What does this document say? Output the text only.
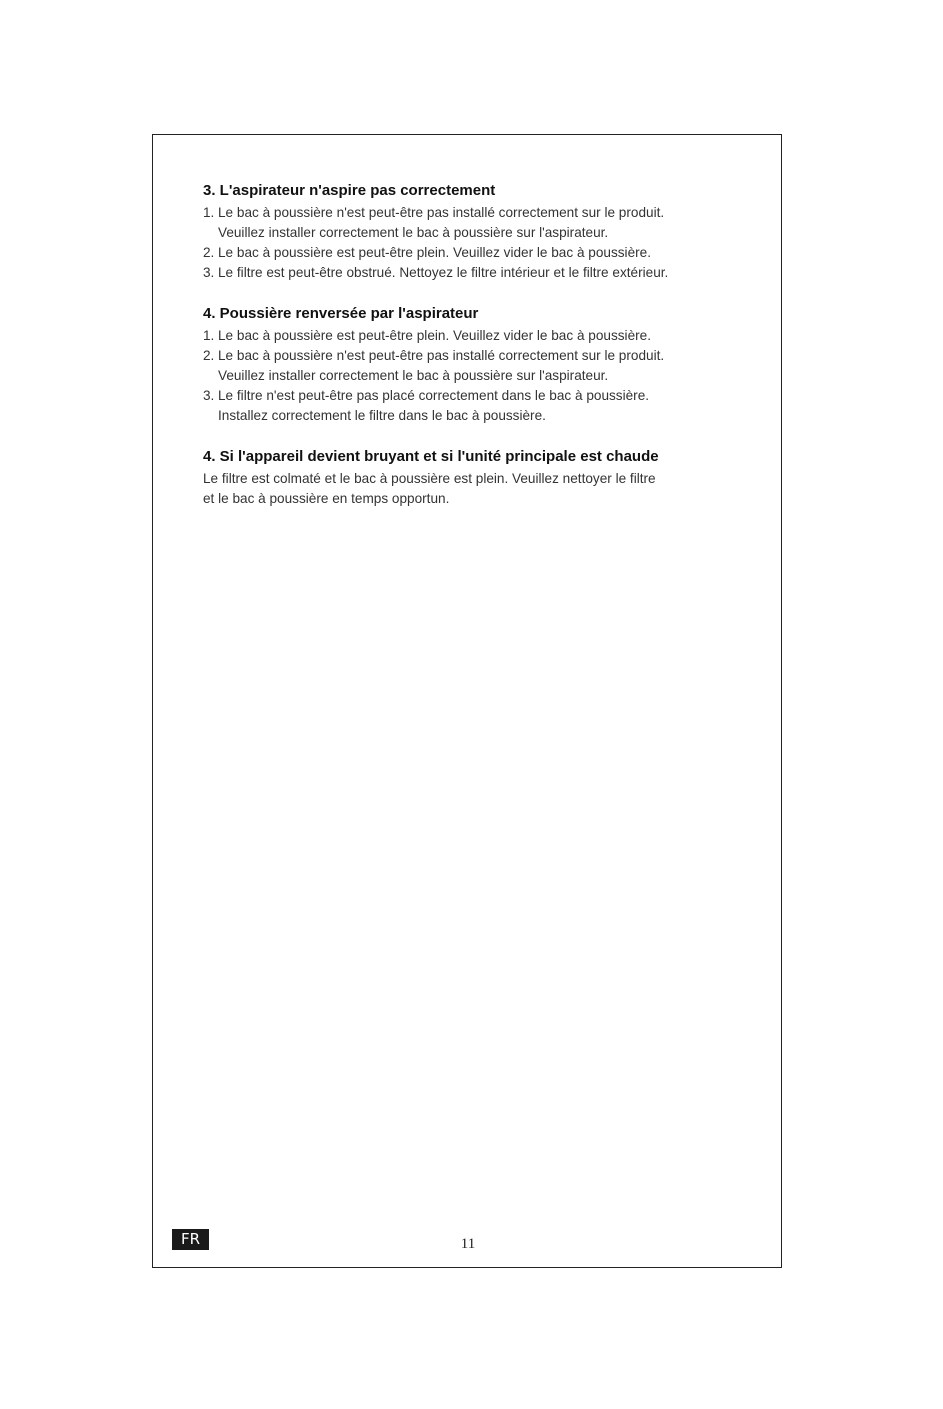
3. L'aspirateur n'aspire pas correctement
1. Le bac à poussière n'est peut-être pas installé correctement sur le produit.
Veuillez installer correctement le bac à poussière sur l'aspirateur.
2. Le bac à poussière est peut-être plein. Veuillez vider le bac à poussière.
3. Le filtre est peut-être obstrué. Nettoyez le filtre intérieur et le filtre extérieur.
4. Poussière renversée par l'aspirateur
1. Le bac à poussière est peut-être plein. Veuillez vider le bac à poussière.
2. Le bac à poussière n'est peut-être pas installé correctement sur le produit.
Veuillez installer correctement le bac à poussière sur l'aspirateur.
3. Le filtre n'est peut-être pas placé correctement dans le bac à poussière.
Installez correctement le filtre dans le bac à poussière.
4. Si l'appareil devient bruyant et si l'unité principale est chaude
Le filtre est colmaté et le bac à poussière est plein. Veuillez nettoyer le filtre
et le bac à poussière en temps opportun.
FR	11
